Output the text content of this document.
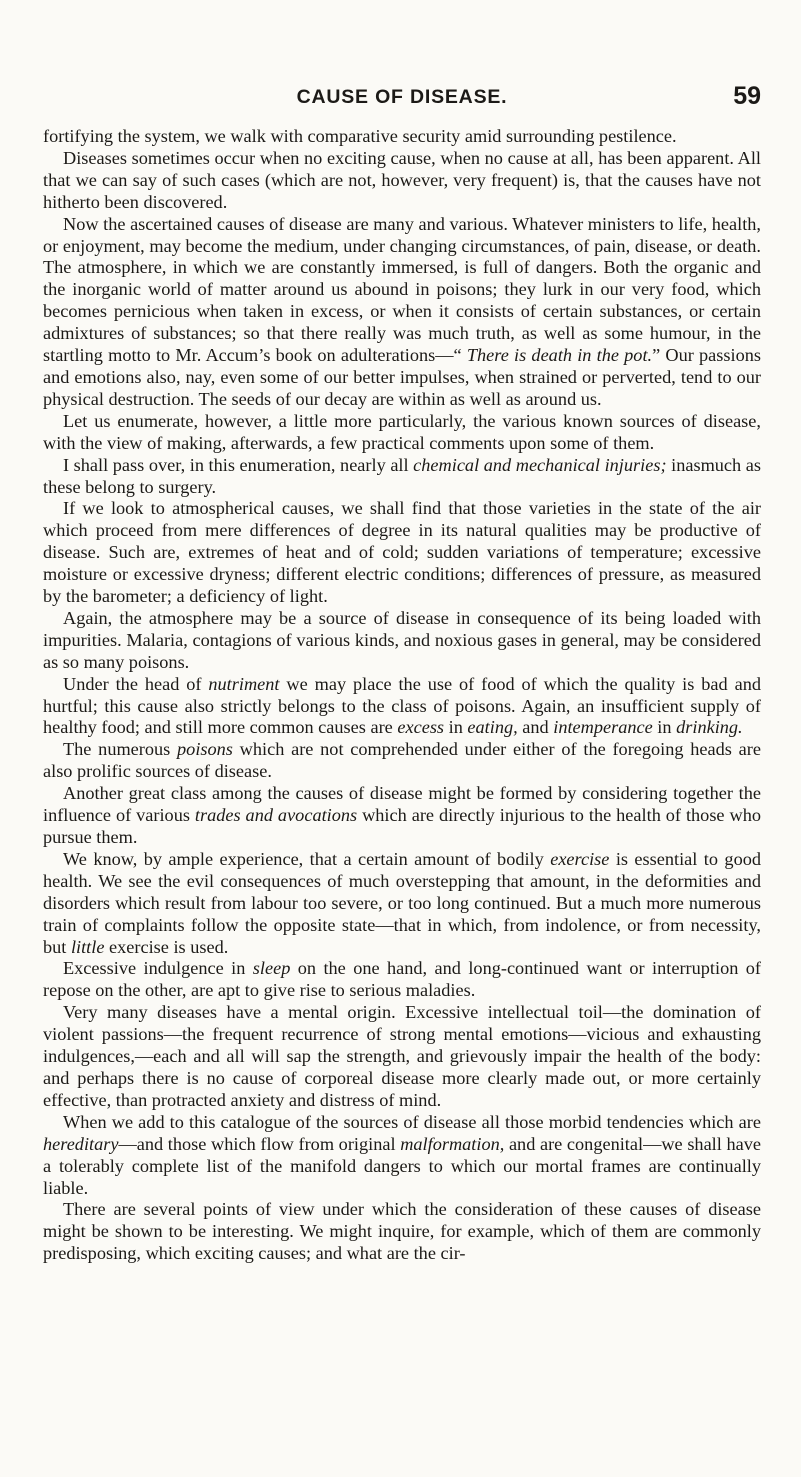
CAUSE OF DISEASE.	59

fortifying the system, we walk with comparative security amid surrounding pestilence.

Diseases sometimes occur when no exciting cause, when no cause at all, has been apparent. All that we can say of such cases (which are not, however, very frequent) is, that the causes have not hitherto been discovered.

Now the ascertained causes of disease are many and various. Whatever ministers to life, health, or enjoyment, may become the medium, under changing circumstances, of pain, disease, or death. The atmosphere, in which we are constantly immersed, is full of dangers. Both the organic and the inorganic world of matter around us abound in poisons; they lurk in our very food, which becomes pernicious when taken in excess, or when it consists of certain substances, or certain admixtures of substances; so that there really was much truth, as well as some humour, in the startling motto to Mr. Accum’s book on adulterations—“ There is death in the pot.” Our passions and emotions also, nay, even some of our better impulses, when strained or perverted, tend to our physical destruction. The seeds of our decay are within as well as around us.

Let us enumerate, however, a little more particularly, the various known sources of disease, with the view of making, afterwards, a few practical comments upon some of them.

I shall pass over, in this enumeration, nearly all chemical and mechanical injuries; inasmuch as these belong to surgery.

If we look to atmospherical causes, we shall find that those varieties in the state of the air which proceed from mere differences of degree in its natural qualities may be productive of disease. Such are, extremes of heat and of cold; sudden variations of temperature; excessive moisture or excessive dryness; different electric conditions; differences of pressure, as measured by the barometer; a deficiency of light.

Again, the atmosphere may be a source of disease in consequence of its being loaded with impurities. Malaria, contagions of various kinds, and noxious gases in general, may be considered as so many poisons.

Under the head of nutriment we may place the use of food of which the quality is bad and hurtful; this cause also strictly belongs to the class of poisons. Again, an insufficient supply of healthy food; and still more common causes are excess in eating, and intemperance in drinking.

The numerous poisons which are not comprehended under either of the foregoing heads are also prolific sources of disease.

Another great class among the causes of disease might be formed by considering together the influence of various trades and avocations which are directly injurious to the health of those who pursue them.

We know, by ample experience, that a certain amount of bodily exercise is essential to good health. We see the evil consequences of much overstepping that amount, in the deformities and disorders which result from labour too severe, or too long continued. But a much more numerous train of complaints follow the opposite state—that in which, from indolence, or from necessity, but little exercise is used.

Excessive indulgence in sleep on the one hand, and long-continued want or interruption of repose on the other, are apt to give rise to serious maladies.

Very many diseases have a mental origin. Excessive intellectual toil—the domination of violent passions—the frequent recurrence of strong mental emotions—vicious and exhausting indulgences,—each and all will sap the strength, and grievously impair the health of the body: and perhaps there is no cause of corporeal disease more clearly made out, or more certainly effective, than protracted anxiety and distress of mind.

When we add to this catalogue of the sources of disease all those morbid tendencies which are hereditary—and those which flow from original malformation, and are congenital—we shall have a tolerably complete list of the manifold dangers to which our mortal frames are continually liable.

There are several points of view under which the consideration of these causes of disease might be shown to be interesting. We might inquire, for example, which of them are commonly predisposing, which exciting causes; and what are the cir-
